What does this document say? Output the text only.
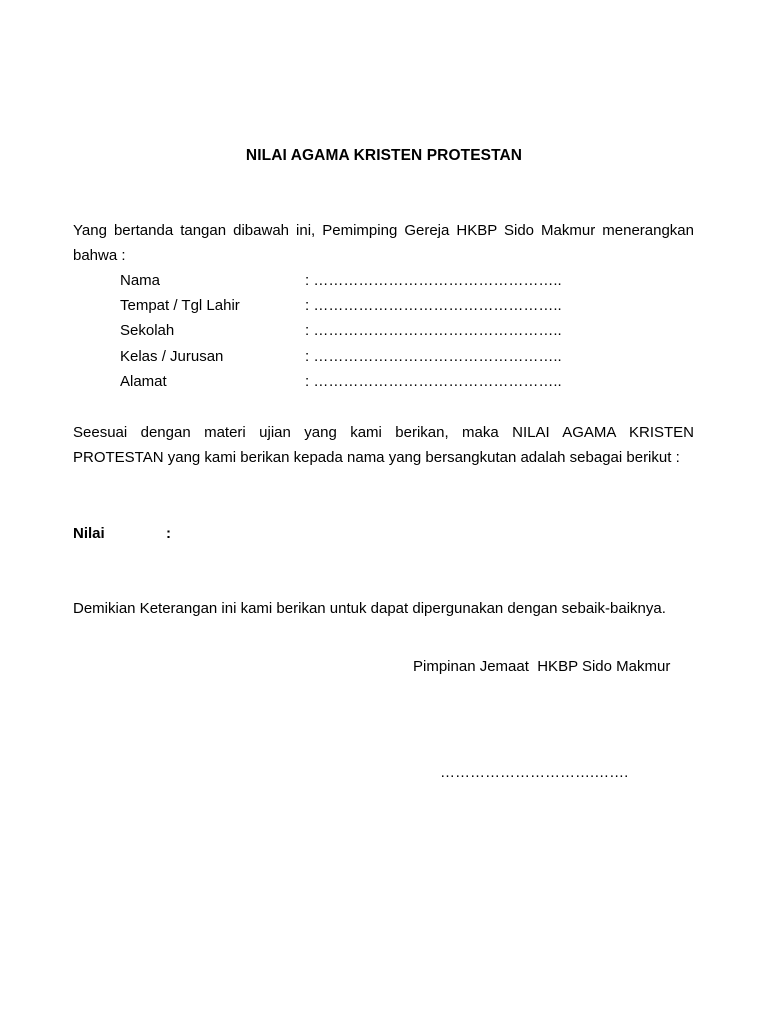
NILAI AGAMA KRISTEN PROTESTAN
Yang bertanda tangan dibawah ini, Pemimping Gereja HKBP Sido Makmur menerangkan bahwa :
Nama	: …………………………………………..
Tempat / Tgl Lahir	: …………………………………………..
Sekolah	: …………………………………………..
Kelas / Jurusan	: …………………………………………..
Alamat	: …………………………………………..
Seesuai dengan materi ujian yang kami berikan, maka NILAI AGAMA KRISTEN PROTESTAN yang kami berikan kepada nama yang bersangkutan adalah sebagai berikut :
Nilai	:
Demikian Keterangan ini kami berikan untuk dapat dipergunakan dengan sebaik-baiknya.
Pimpinan Jemaat  HKBP Sido Makmur
………………………….…….
